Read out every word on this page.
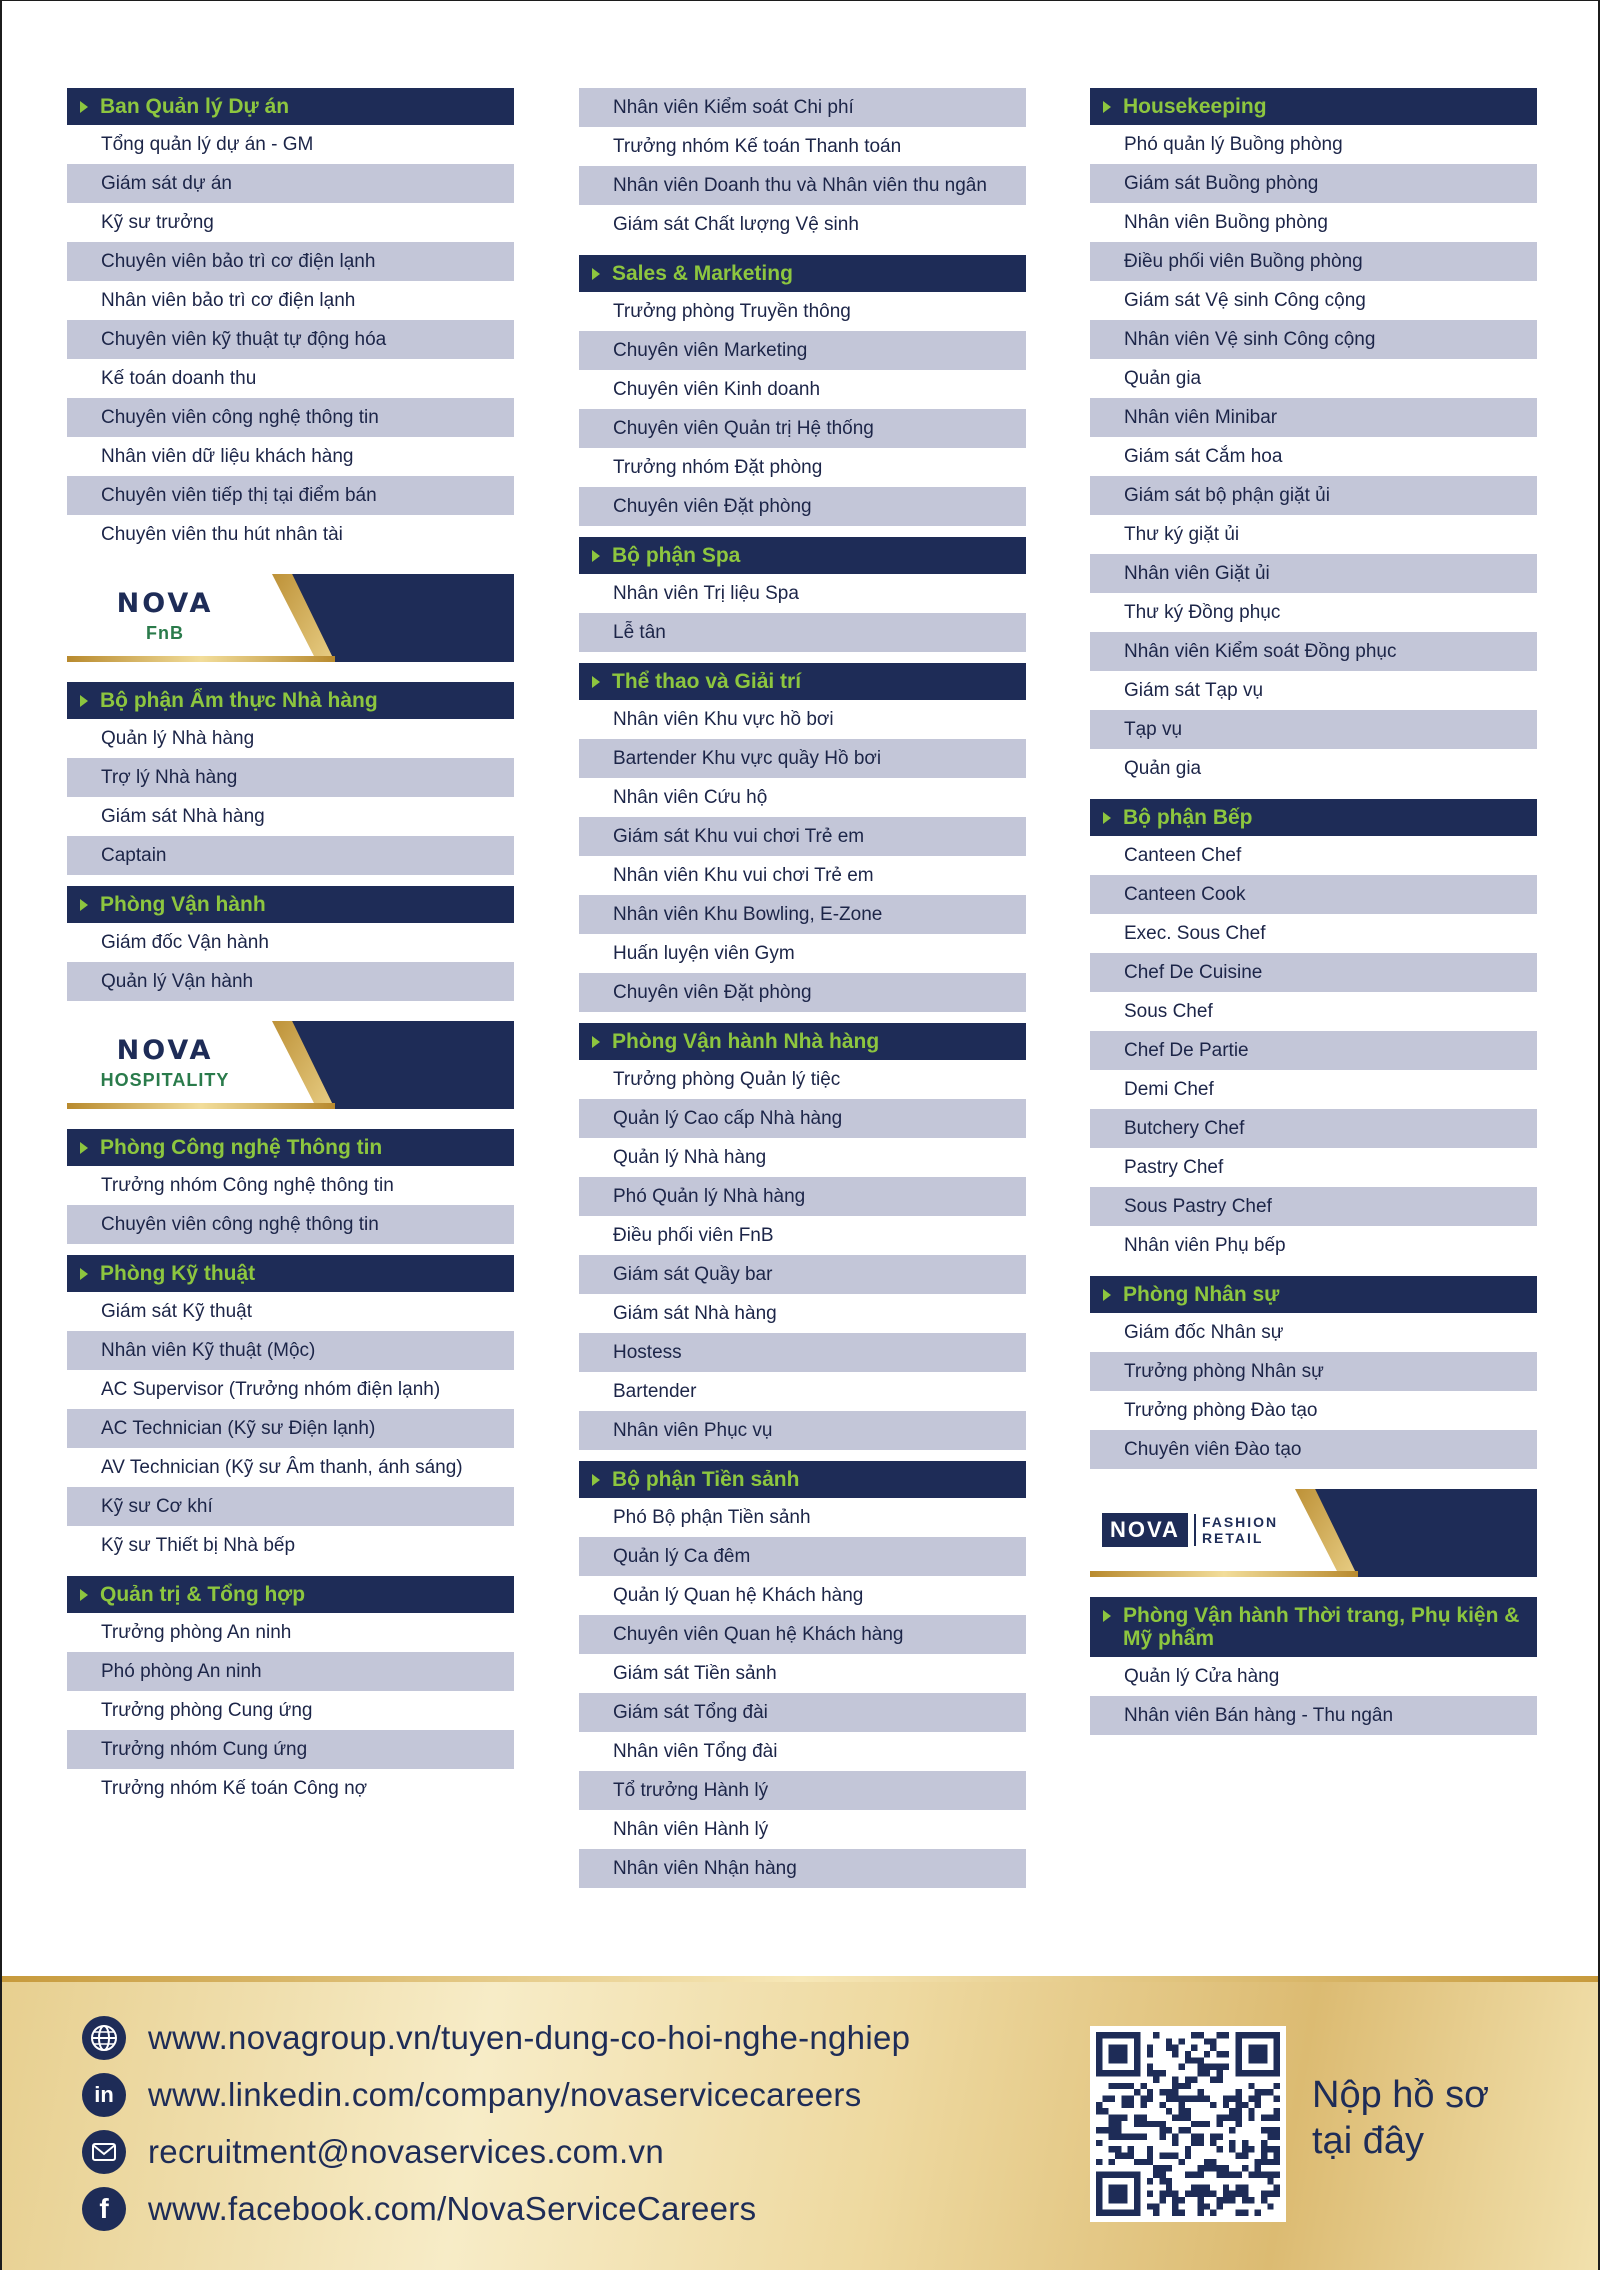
Ban Quản lý Dự án
Tổng quản lý dự án - GM
Giám sát dự án
Kỹ sư trưởng
Chuyên viên bảo trì cơ điện lạnh
Nhân viên bảo trì cơ điện lạnh
Chuyên viên kỹ thuật tự động hóa
Kế toán doanh thu
Chuyên viên công nghệ thông tin
Nhân viên dữ liệu khách hàng
Chuyên viên tiếp thị tại điểm bán
Chuyên viên thu hút nhân tài
NOVA
FnB
Bộ phận Ẩm thực Nhà hàng
Quản lý Nhà hàng
Trợ lý Nhà hàng
Giám sát Nhà hàng
Captain
Phòng Vận hành
Giám đốc Vận hành
Quản lý Vận hành
NOVA
HOSPITALITY
Phòng Công nghệ Thông tin
Trưởng nhóm Công nghệ thông tin
Chuyên viên công nghệ thông tin
Phòng Kỹ thuật
Giám sát Kỹ thuật
Nhân viên Kỹ thuật (Mộc)
AC Supervisor (Trưởng nhóm điện lạnh)
AC Technician (Kỹ sư Điện lạnh)
AV Technician (Kỹ sư Âm thanh, ánh sáng)
Kỹ sư Cơ khí
Kỹ sư Thiết bị Nhà bếp
Quản trị & Tổng hợp
Trưởng phòng An ninh
Phó phòng An ninh
Trưởng phòng Cung ứng
Trưởng nhóm Cung ứng
Trưởng nhóm Kế toán Công nợ
Nhân viên Kiểm soát Chi phí
Trưởng nhóm Kế toán Thanh toán
Nhân viên Doanh thu và Nhân viên thu ngân
Giám sát Chất lượng Vệ sinh
Sales & Marketing
Trưởng phòng Truyền thông
Chuyên viên Marketing
Chuyên viên Kinh doanh
Chuyên viên Quản trị Hệ thống
Trưởng nhóm Đặt phòng
Chuyên viên Đặt phòng
Bộ phận Spa
Nhân viên Trị liệu Spa
Lễ tân
Thể thao và Giải trí
Nhân viên Khu vực hồ bơi
Bartender Khu vực quầy Hồ bơi
Nhân viên Cứu hộ
Giám sát Khu vui chơi Trẻ em
Nhân viên Khu vui chơi Trẻ em
Nhân viên Khu Bowling, E-Zone
Huấn luyện viên Gym
Chuyên viên Đặt phòng
Phòng Vận hành Nhà hàng
Trưởng phòng Quản lý tiệc
Quản lý Cao cấp Nhà hàng
Quản lý Nhà hàng
Phó Quản lý Nhà hàng
Điều phối viên FnB
Giám sát Quầy bar
Giám sát Nhà hàng
Hostess
Bartender
Nhân viên Phục vụ
Bộ phận Tiền sảnh
Phó Bộ phận Tiền sảnh
Quản lý Ca đêm
Quản lý Quan hệ Khách hàng
Chuyên viên Quan hệ Khách hàng
Giám sát Tiền sảnh
Giám sát Tổng đài
Nhân viên Tổng đài
Tổ trưởng Hành lý
Nhân viên Hành lý
Nhân viên Nhận hàng
Housekeeping
Phó quản lý Buồng phòng
Giám sát Buồng phòng
Nhân viên Buồng phòng
Điều phối viên Buồng phòng
Giám sát Vệ sinh Công cộng
Nhân viên Vệ sinh Công cộng
Quản gia
Nhân viên Minibar
Giám sát Cắm hoa
Giám sát bộ phận giặt ủi
Thư ký giặt ủi
Nhân viên Giặt ủi
Thư ký Đồng phục
Nhân viên Kiểm soát Đồng phục
Giám sát Tạp vụ
Tạp vụ
Quản gia
Bộ phận Bếp
Canteen Chef
Canteen Cook
Exec. Sous Chef
Chef De Cuisine
Sous Chef
Chef De Partie
Demi Chef
Butchery Chef
Pastry Chef
Sous Pastry Chef
Nhân viên Phụ bếp
Phòng Nhân sự
Giám đốc Nhân sự
Trưởng phòng Nhân sự
Trưởng phòng Đào tạo
Chuyên viên Đào tạo
NOVA	FASHION RETAIL
Phòng Vận hành Thời trang, Phụ kiện & Mỹ phẩm
Quản lý Cửa hàng
Nhân viên Bán hàng - Thu ngân
www.novagroup.vn/tuyen-dung-co-hoi-nghe-nghiep
in	www.linkedin.com/company/novaservicecareers
recruitment@novaservices.com.vn
f	www.facebook.com/NovaServiceCareers
Nộp hồ sơ
tại đây
